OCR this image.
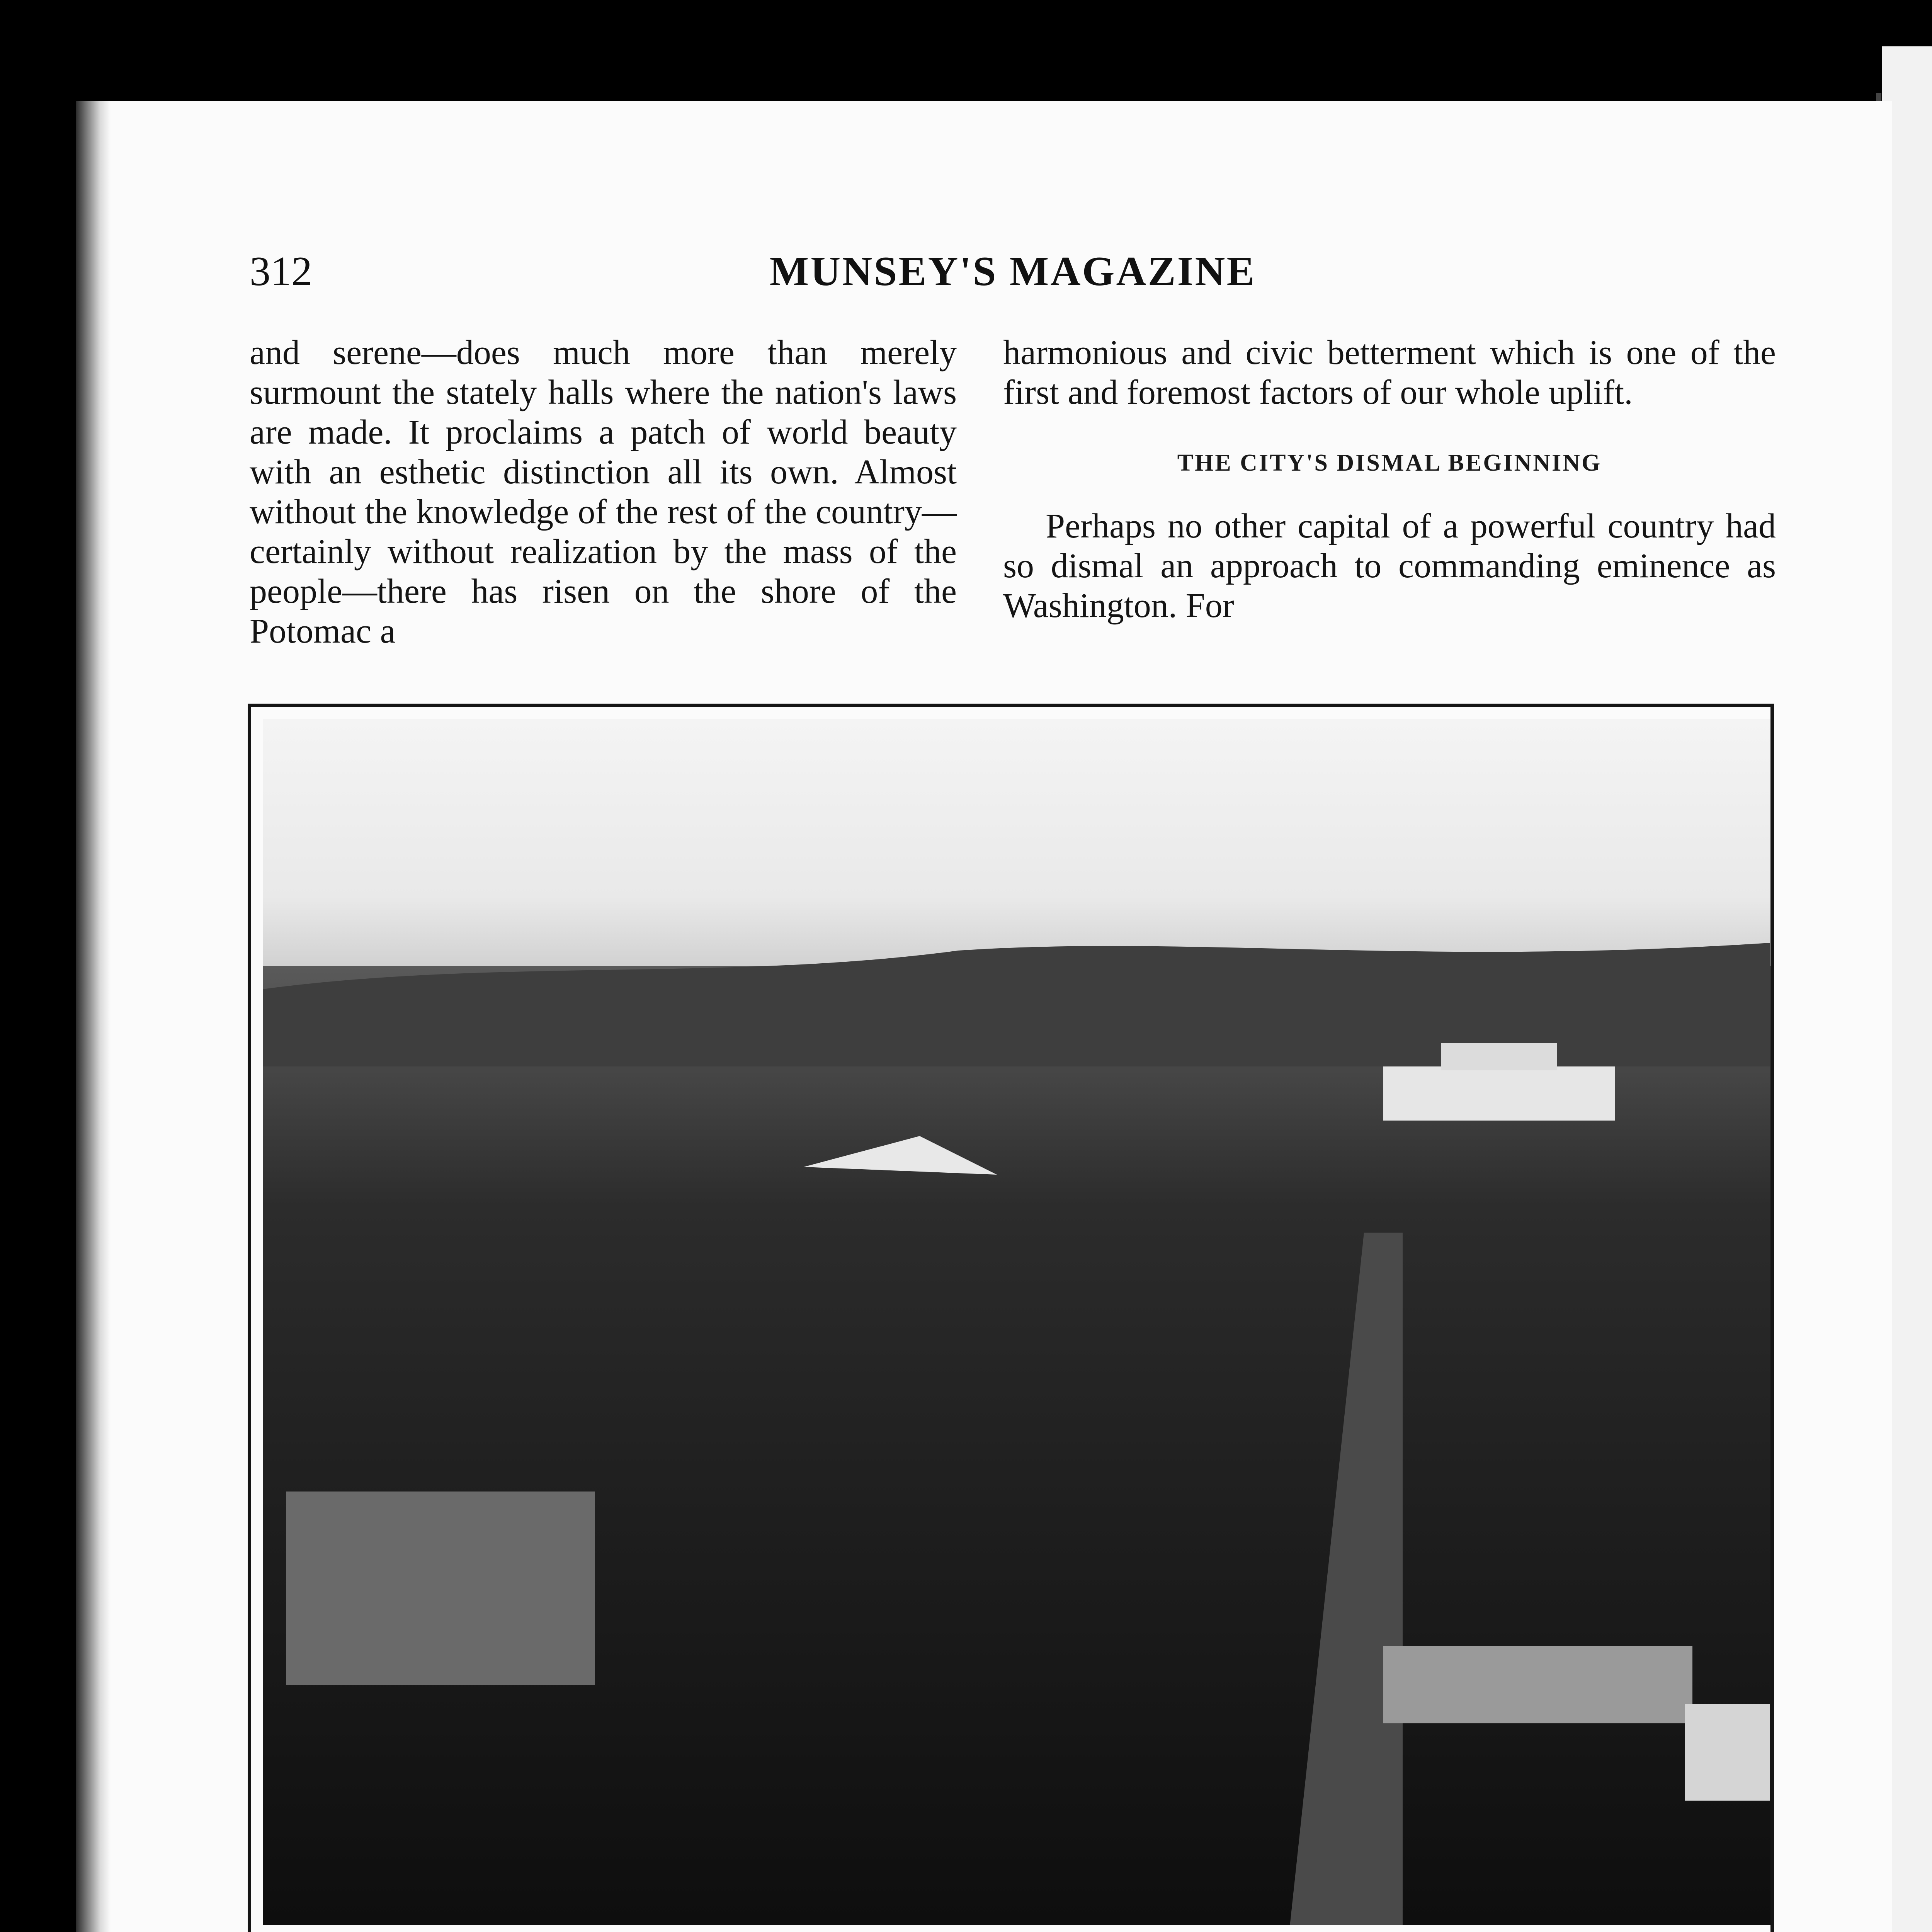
312	MUNSEY'S MAGAZINE

and serene—does much more than merely surmount the stately halls where the nation's laws are made. It proclaims a patch of world beauty with an esthetic distinction all its own. Almost without the knowledge of the rest of the country—certainly without realization by the mass of the people—there has risen on the shore of the Potomac a

harmonious and civic betterment which is one of the first and foremost factors of our whole uplift.

THE CITY'S DISMAL BEGINNING

Perhaps no other capital of a powerful country had so dismal an approach to commanding eminence as Washington. For
